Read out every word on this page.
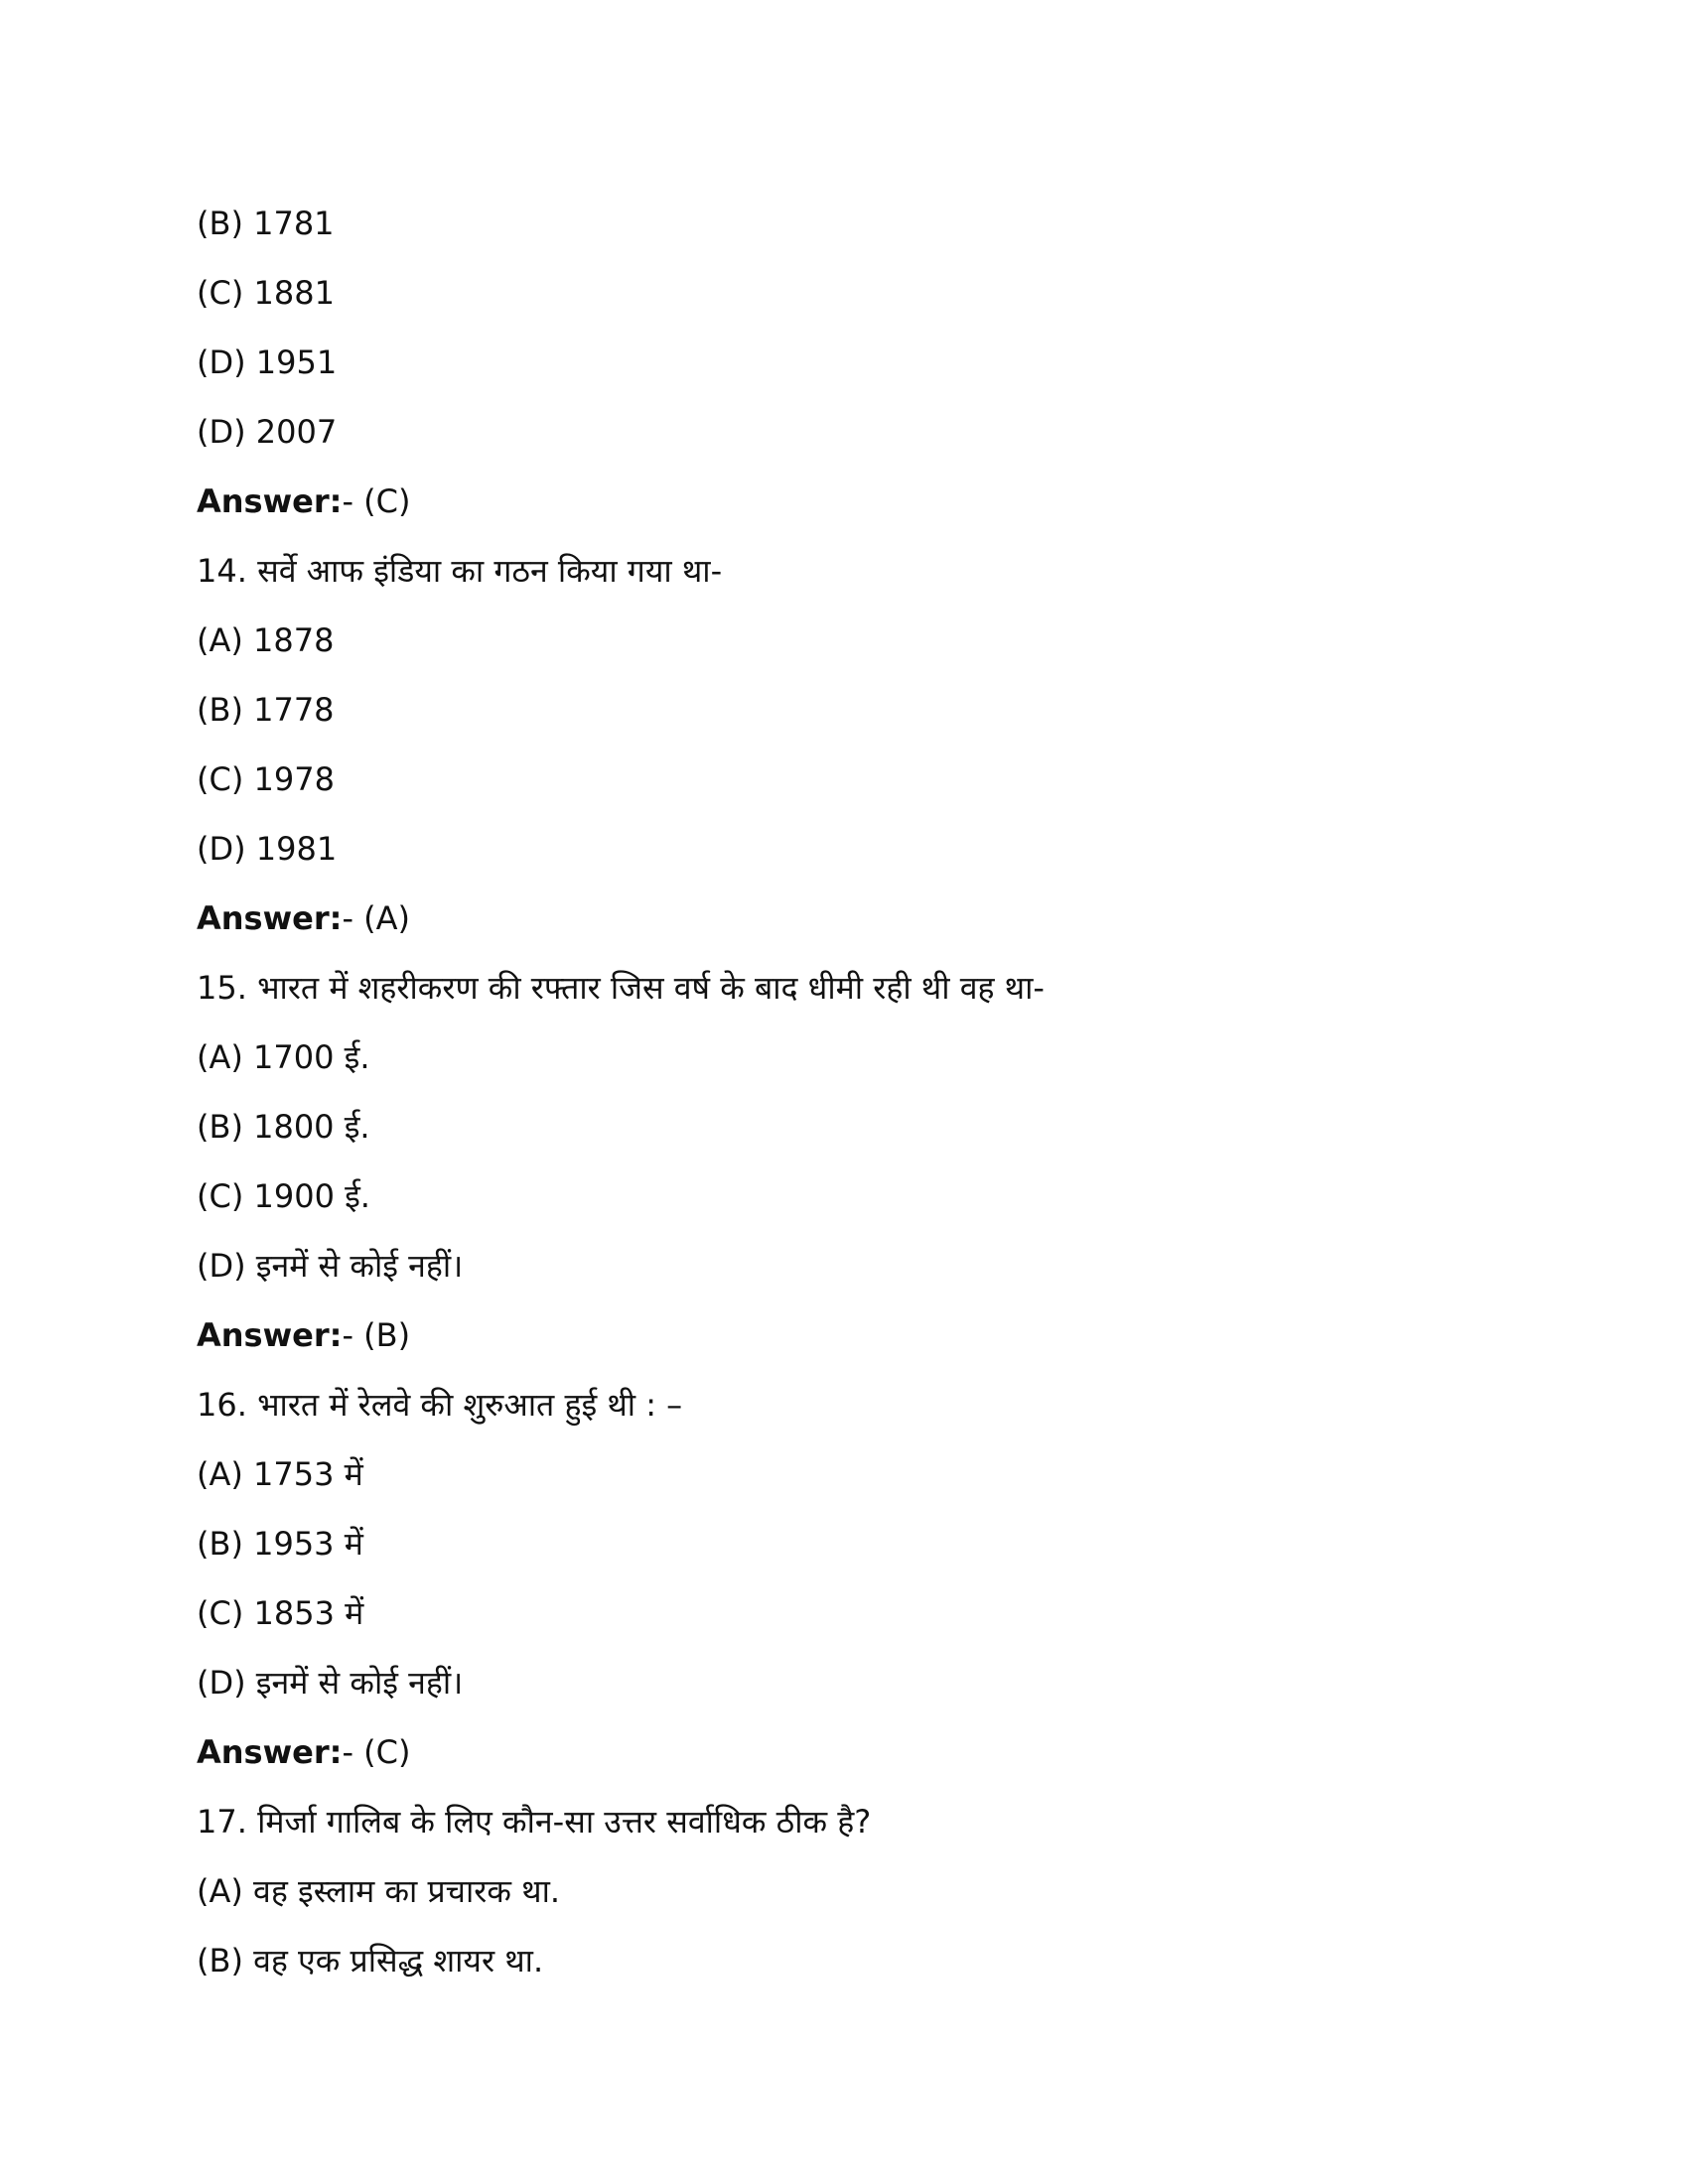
(B) 1781
(C) 1881
(D) 1951
(D) 2007
Answer:- (C)
14. सर्वे आफ इंडिया का गठन किया गया था-
(A) 1878
(B) 1778
(C) 1978
(D) 1981
Answer:- (A)
15. भारत में शहरीकरण की रफ्तार जिस वर्ष के बाद धीमी रही थी वह था-
(A) 1700 ई.
(B) 1800 ई.
(C) 1900 ई.
(D) इनमें से कोई नहीं।
Answer:- (B)
16. भारत में रेलवे की शुरुआत हुई थी : –
(A) 1753 में
(B) 1953 में
(C) 1853 में
(D) इनमें से कोई नहीं।
Answer:- (C)
17. मिर्जा गालिब के लिए कौन-सा उत्तर सर्वाधिक ठीक है?
(A) वह इस्लाम का प्रचारक था.
(B) वह एक प्रसिद्ध शायर था.
